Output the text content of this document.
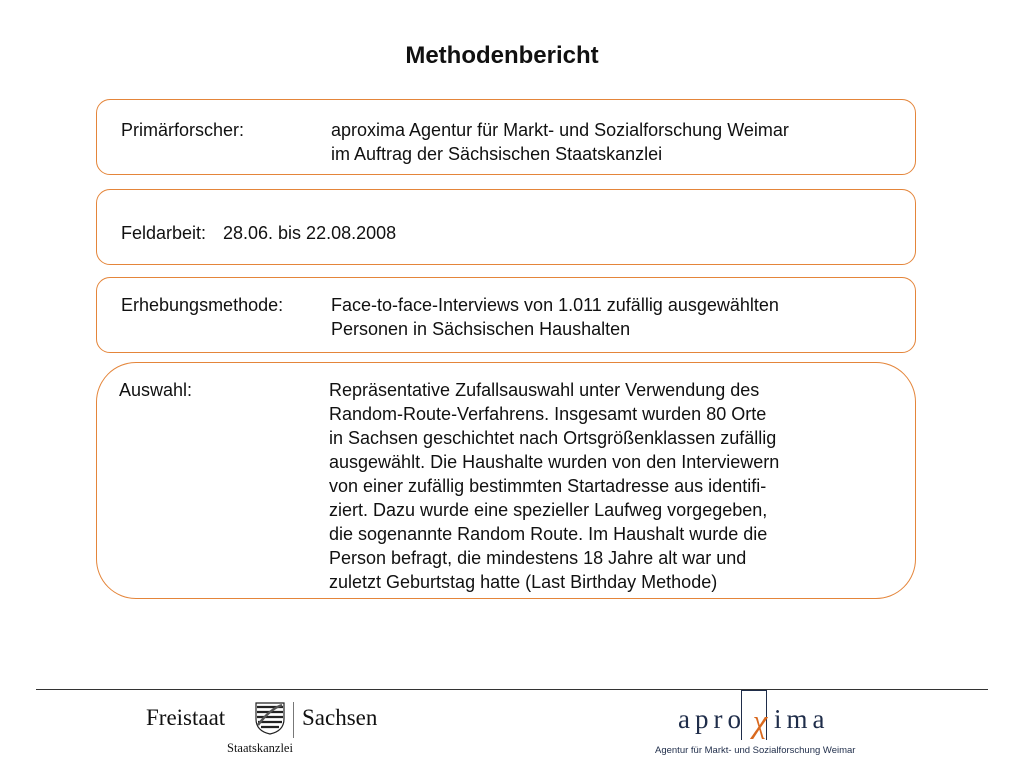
Methodenbericht
Primärforscher:	aproxima Agentur für Markt- und Sozialforschung Weimar
im Auftrag der Sächsischen Staatskanzlei
Feldarbeit: 28.06. bis 22.08.2008
Erhebungsmethode:	Face-to-face-Interviews von 1.011 zufällig ausgewählten
Personen in Sächsischen Haushalten
Auswahl:	Repräsentative Zufallsauswahl unter Verwendung des
Random-Route-Verfahrens. Insgesamt wurden 80 Orte
in Sachsen geschichtet nach Ortsgrößenklassen zufällig
ausgewählt. Die Haushalte wurden von den Interviewern
von einer zufällig bestimmten Startadresse aus identifi-
ziert. Dazu wurde eine spezieller Laufweg vorgegeben,
die sogenannte Random Route. Im Haushalt wurde die
Person befragt, die mindestens 18 Jahre alt war und
zuletzt Geburtstag hatte (Last Birthday Methode)
Freistaat	Sachsen
Staatskanzlei
apro χ ima
Agentur für Markt- und Sozialforschung Weimar
